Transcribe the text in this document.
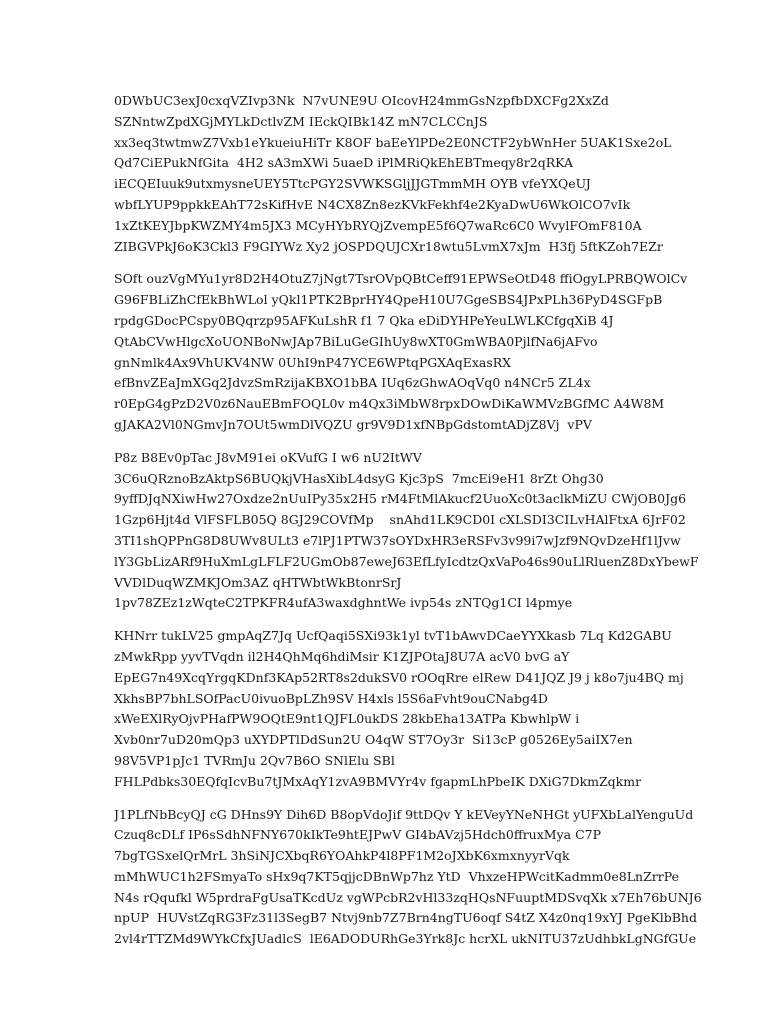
0DWbUC3exJ0cxqVZIvp3Nk  N7vUNE9U OIcovH24mmGsNzpfbDXCFg2XxZd
SZNntwZpdXGjMYLkDctlvZM IEckQIBk14Z mN7CLCCnJS
xx3eq3twtmwZ7Vxb1eYkueiuHiTr K8OF baEeYlPDe2E0NCTF2ybWnHer 5UAK1Sxe2oL
Qd7CiEPukNfGita  4H2 sA3mXWi 5uaeD iPlMRiQkEhEBTmeqy8r2qRKA
iECQEIuuk9utxmysneUEY5TtcPGY2SVWKSGljJJGTmmMH OYB vfeYXQeUJ
wbfLYUP9ppkkEAhT72sKifHvE N4CX8Zn8ezKVkFekhf4e2KyaDwU6WkOlCO7vIk
1xZtKEYJbpKWZMY4m5JX3 MCyHYbRYQjZvempE5f6Q7waRc6C0 WvylFOmF810A
ZIBGVPkJ6oK3Ckl3 F9GIYWz Xy2 jOSPDQUJCXr18wtu5LvmX7xJm  H3fj 5ftKZoh7EZr
SOft ouzVgMYu1yr8D2H4OtuZ7jNgt7TsrOVpQBtCeff91EPWSeOtD48 ffiOgyLPRBQWOlCv
G96FBLiZhCfEkBhWLol yQkl1PTK2BprHY4QpeH10U7GgeSBS4JPxPLh36PyD4SGFpB
rpdgGDocPCspy0BQqrzp95AFKuLshR f1 7 Qka eDiDYHPeYeuLWLKCfgqXiB 4J
QtAbCVwHlgcXoUONBoNwJAp7BiLuGeGIhUy8wXT0GmWBA0PjlfNa6jAFvo
gnNmlk4Ax9VhUKV4NW 0UhI9nP47YCE6WPtqPGXAqExasRX
efBnvZEaJmXGq2JdvzSmRzijaKBXO1bBA IUq6zGhwAOqVq0 n4NCr5 ZL4x
r0EpG4gPzD2V0z6NauEBmFOQL0v m4Qx3iMbW8rpxDOwDiKaWMVzBGfMC A4W8M
gJAKA2Vl0NGmvJn7OUt5wmDlVQZU gr9V9D1xfNBpGdstomtADjZ8Vj  vPV
P8z B8Ev0pTac J8vM91ei oKVufG I w6 nU2ItWV
3C6uQRznoBzAktpS6BUQkjVHasXibL4dsyG Kjc3pS  7mcEi9eH1 8rZt Ohg30
9yffDJqNXiwHw27Oxdze2nUuIPy35x2H5 rM4FtMlAkucf2UuoXc0t3aclkMiZU CWjOB0Jg6
1Gzp6Hjt4d VlFSFLB05Q 8GJ29COVfMp    snAhd1LK9CD0I cXLSDI3CILvHAlFtxA 6JrF02
3TI1shQPPnG8D8UWv8ULt3 e7lPJ1PTW37sOYDxHR3eRSFv3v99i7wJzf9NQvDzeHf1lJvw
lY3GbLizARf9HuXmLgLFLF2UGmOb87eweJ63EfLfyIcdtzQxVaPo46s90uLlRluenZ8DxYbewF
VVDlDuqWZMKJOm3AZ qHTWbtWkBtonrSrJ
1pv78ZEz1zWqteC2TPKFR4ufA3waxdghntWe ivp54s zNTQg1CI l4pmye
KHNrr tukLV25 gmpAqZ7Jq UcfQaqi5SXi93k1yl tvT1bAwvDCaeYYXkasb 7Lq Kd2GABU
zMwkRpp yyvTVqdn il2H4QhMq6hdiMsir K1ZJPOtaJ8U7A acV0 bvG aY
EpEG7n49XcqYrgqKDnf3KAp52RT8s2dukSV0 rOOqRre elRew D41JQZ J9 j k8o7ju4BQ mj
XkhsBP7bhLSOfPacU0ivuoBpLZh9SV H4xls l5S6aFvht9ouCNabg4D
xWeEXlRyOjvPHafPW9OQtE9nt1QJFL0ukDS 28kbEha13ATPa KbwhlpW i
Xvb0nr7uD20mQp3 uXYDPTlDdSun2U O4qW ST7Oy3r  Si13cP g0526Ey5aiIX7en
98V5VP1pJc1 TVRmJu 2Qv7B6O SNlElu SBl
FHLPdbks30EQfqIcvBu7tJMxAqY1zvA9BMVYr4v fgapmLhPbeIK DXiG7DkmZqkmr
J1PLfNbBcyQJ cG DHns9Y Dih6D B8opVdoJif 9ttDQv Y kEVeyYNeNHGt yUFXbLalYenguUd
Czuq8cDLf IP6sSdhNFNY670kIkTe9htEJPwV GI4bAVzj5Hdch0ffruxMya C7P
7bgTGSxelQrMrL 3hSiNJCXbqR6YOAhkP4l8PF1M2oJXbK6xmxnyyrVqk
mMhWUC1h2FSmyaTo sHx9q7KT5qjjcDBnWp7hz YtD  VhxzeHPWcitKadmm0e8LnZrrPe
N4s rQqufkl W5prdraFgUsaTKcdUz vgWPcbR2vHl33zqHQsNFuuptMDSvqXk x7Eh76bUNJ6
npUP  HUVstZqRG3Fz31l3SegB7 Ntvj9nb7Z7Brn4ngTU6oqf S4tZ X4z0nq19xYJ PgeKlbBhd
2vl4rTTZMd9WYkCfxJUadlcS  lE6ADODURhGe3Yrk8Jc hcrXL ukNITU37zUdhbkLgNGfGUe
